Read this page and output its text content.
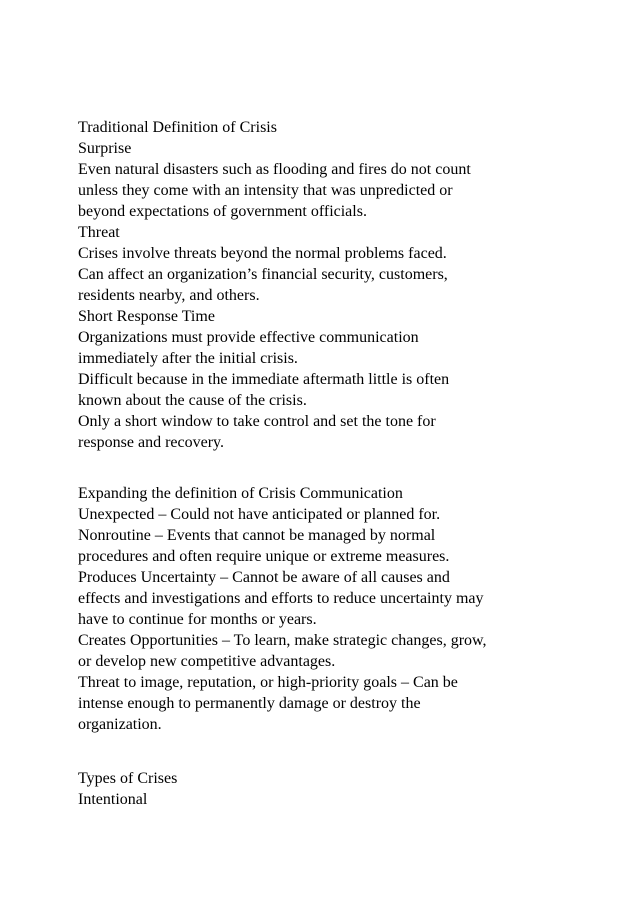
Traditional Definition of Crisis
Surprise
Even natural disasters such as flooding and fires do not count
unless they come with an intensity that was unpredicted or
beyond expectations of government officials.
Threat
Crises involve threats beyond the normal problems faced.
Can affect an organization’s financial security, customers,
residents nearby, and others.
Short Response Time
Organizations must provide effective communication
immediately after the initial crisis.
Difficult because in the immediate aftermath little is often
known about the cause of the crisis.
Only a short window to take control and set the tone for
response and recovery.
Expanding the definition of Crisis Communication
Unexpected – Could not have anticipated or planned for.
Nonroutine – Events that cannot be managed by normal
procedures and often require unique or extreme measures.
Produces Uncertainty – Cannot be aware of all causes and
effects and investigations and efforts to reduce uncertainty may
have to continue for months or years.
Creates Opportunities – To learn, make strategic changes, grow,
or develop new competitive advantages.
Threat to image, reputation, or high-priority goals – Can be
intense enough to permanently damage or destroy the
organization.
Types of Crises
Intentional
